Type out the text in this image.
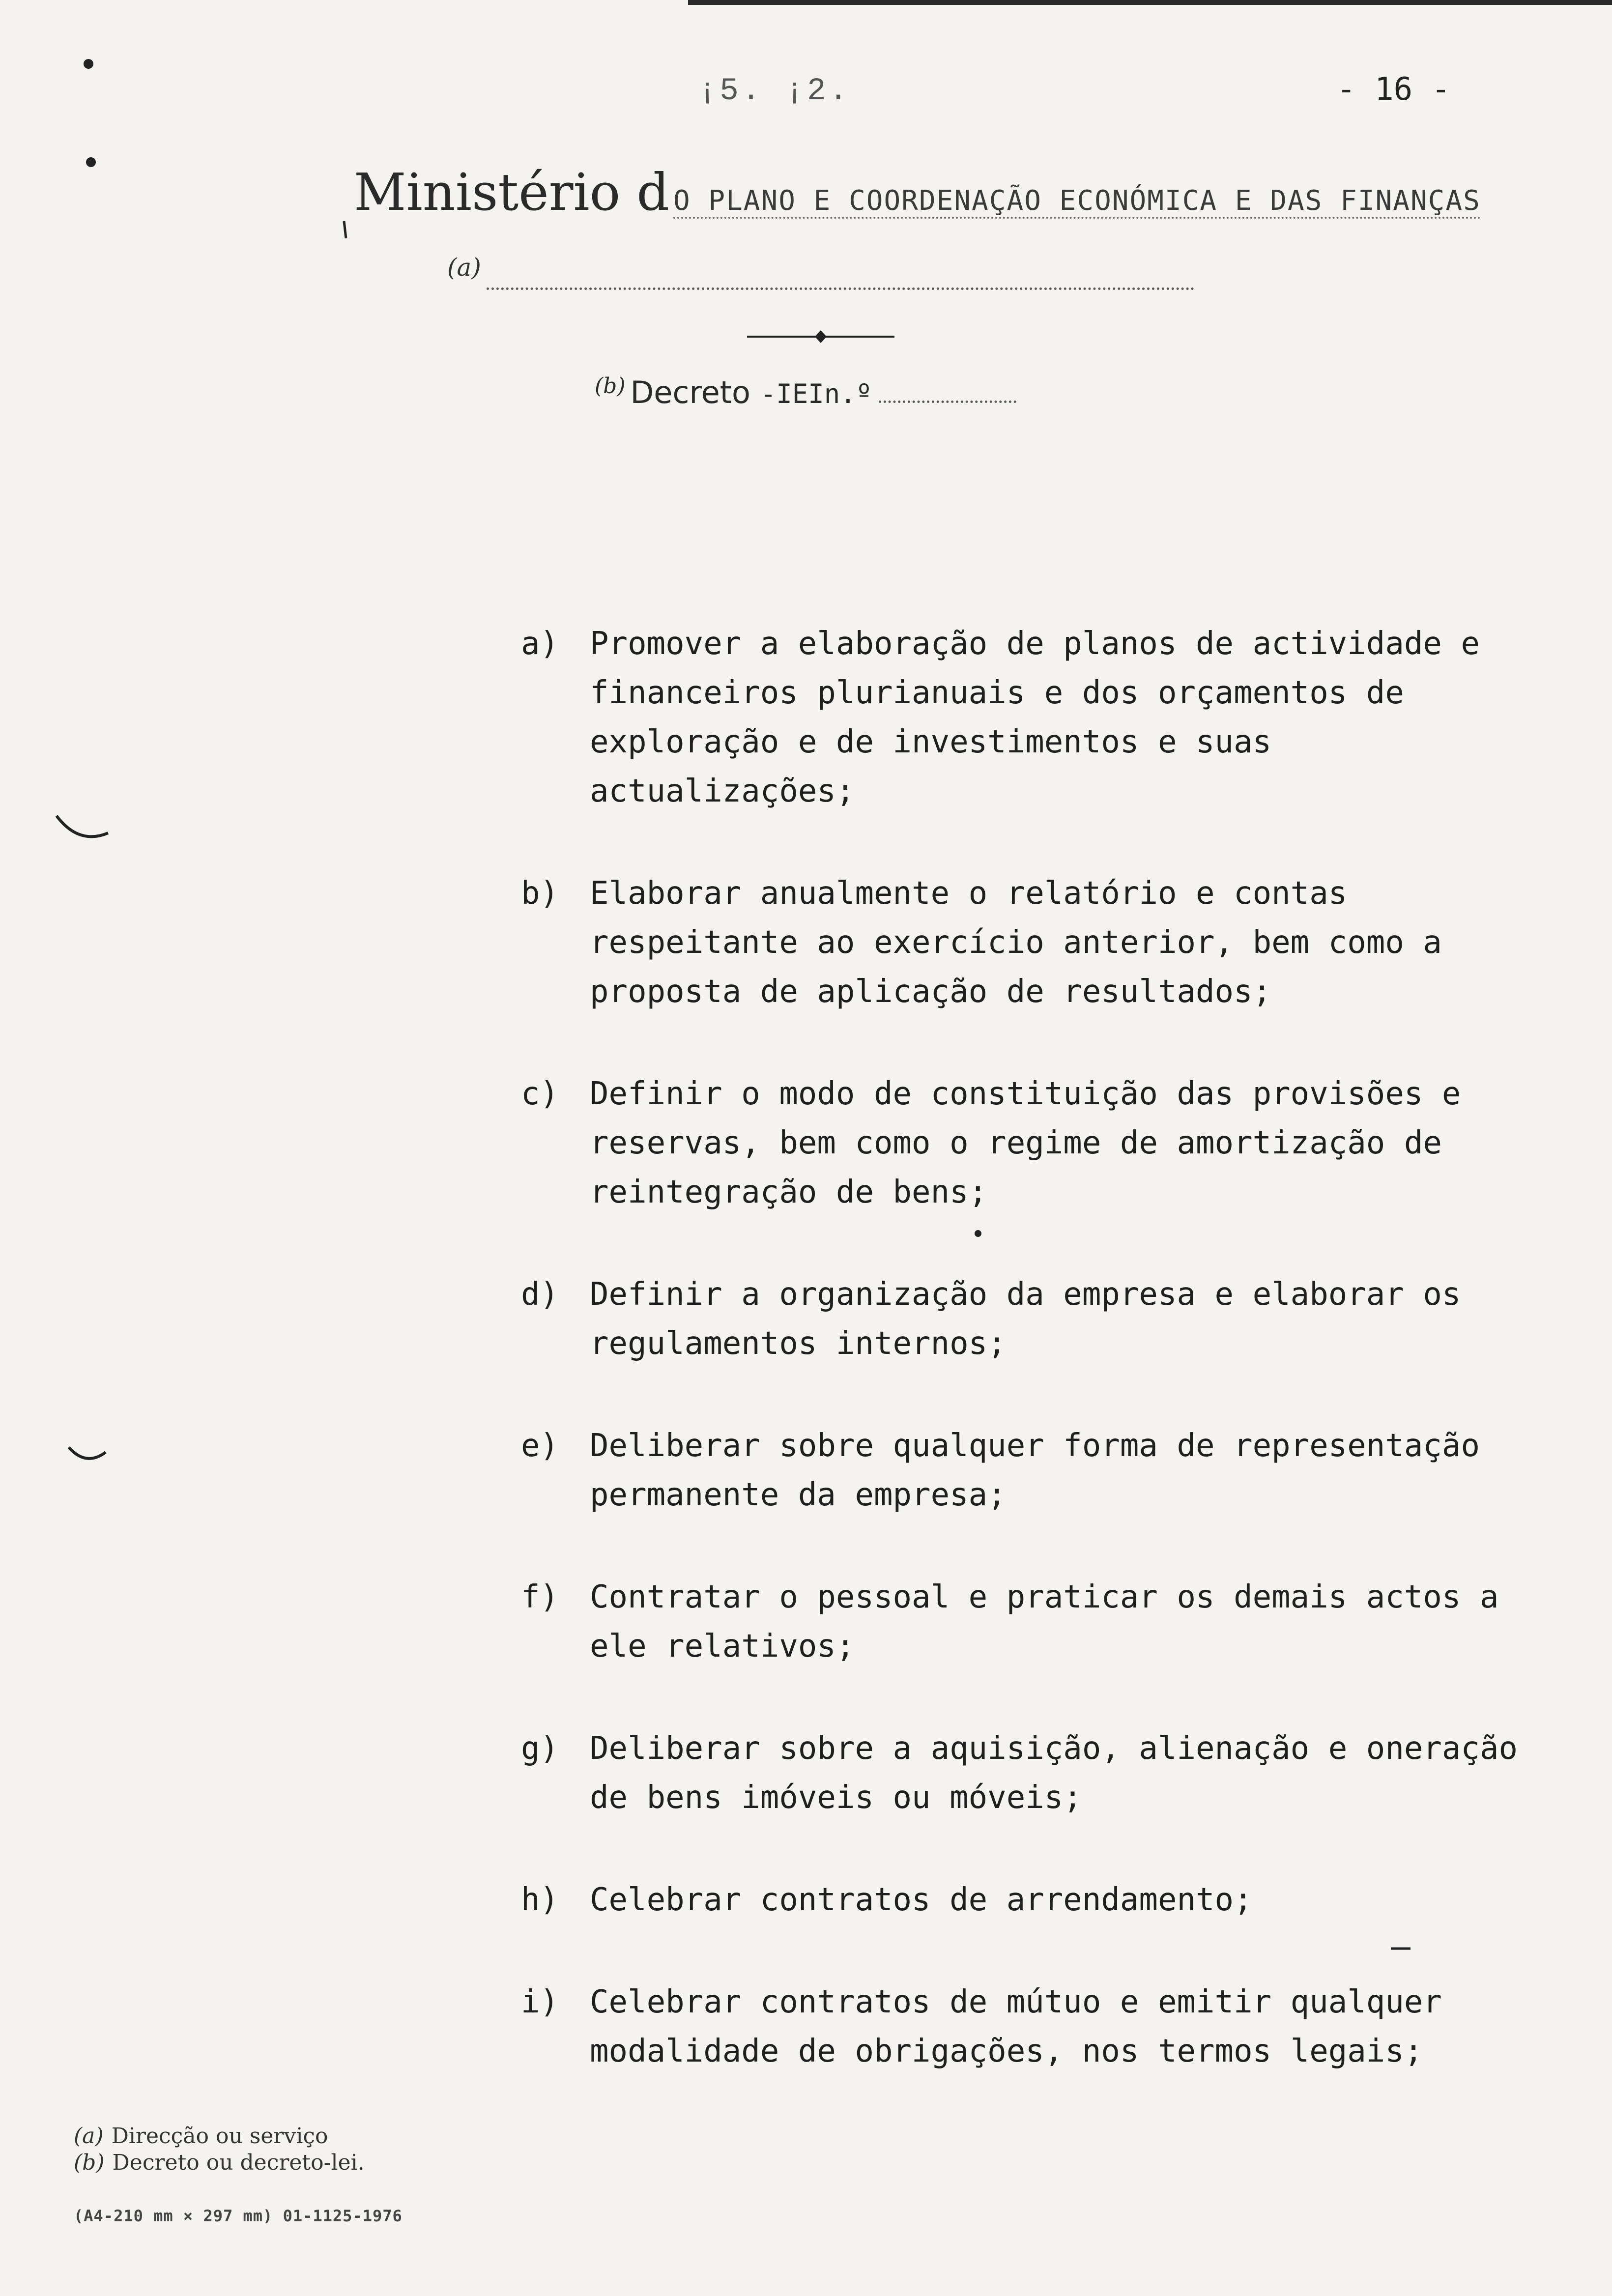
¡5. ¡2.	- 16 -
Ministério d O PLANO E COORDENAÇÃO ECONÓMICA E DAS FINANÇAS
(a)
$^{(b)}$ Decreto -IEIn.º
a) Promover a elaboração de planos de actividade e financeiros plurianuais e dos orçamentos de exploração e de investimentos e suas actualizações;
b) Elaborar anualmente o relatório e contas respeitante ao exercício anterior, bem como a proposta de aplicação de resultados;
c) Definir o modo de constituição das provisões e reservas, bem como o regime de amortização de reintegração de bens;
d) Definir a organização da empresa e elaborar os regulamentos internos;
e) Deliberar sobre qualquer forma de representação permanente da empresa;
f) Contratar o pessoal e praticar os demais actos a ele relativos;
g) Deliberar sobre a aquisição, alienação e oneração de bens imóveis ou móveis;
h) Celebrar contratos de arrendamento;
i) Celebrar contratos de mútuo e emitir qualquer modalidade de obrigações, nos termos legais;
(a) Direcção ou serviço
(b) Decreto ou decreto-lei.
(A4-210 mm × 297 mm) 01-1125-1976
